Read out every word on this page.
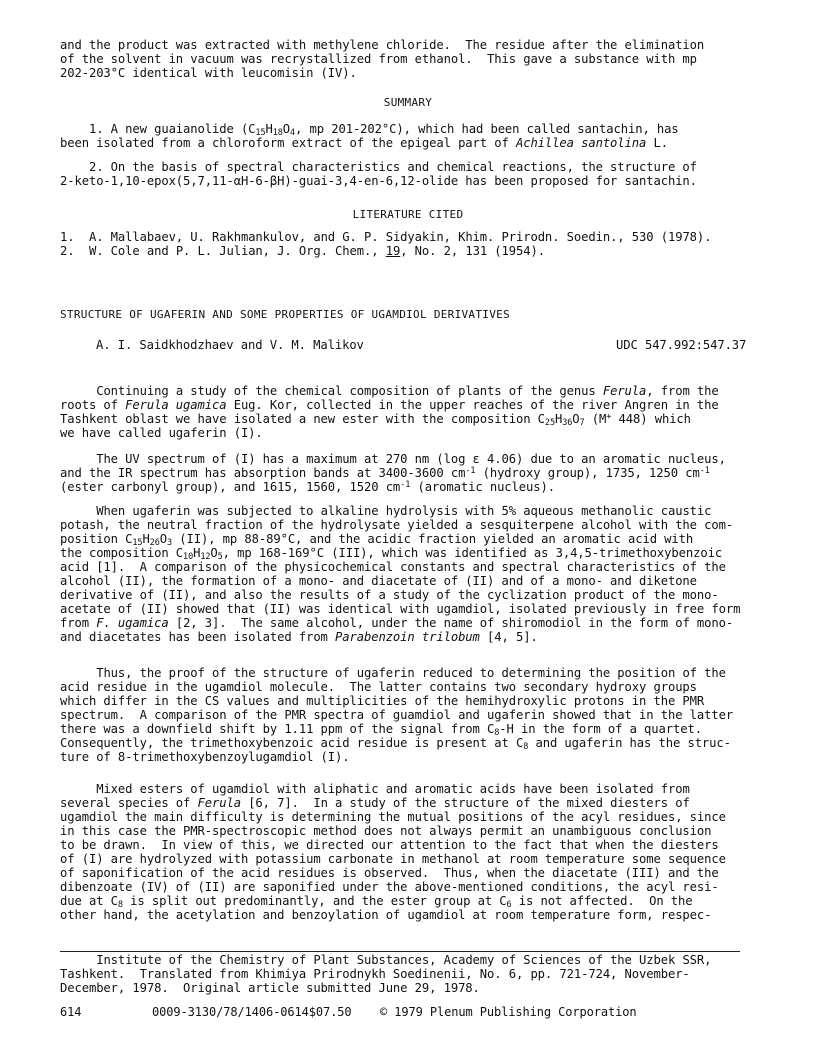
and the product was extracted with methylene chloride.  The residue after the elimination
of the solvent in vacuum was recrystallized from ethanol.  This gave a substance with mp
202-203°C identical with leucomisin (IV).
SUMMARY
1. A new guaianolide ($C_{15}H_{18}O_4$, mp 201-202°C), which had been called santachin, has
been isolated from a chloroform extract of the epigeal part of Achillea santolina L.
2. On the basis of spectral characteristics and chemical reactions, the structure of
2-keto-1,10-epox(5,7,11-αH-6-βH)-guai-3,4-en-6,12-olide has been proposed for santachin.
LITERATURE CITED
1. A. Mallabaev, U. Rakhmankulov, and G. P. Sidyakin, Khim. Prirodn. Soedin., 530 (1978).
2. W. Cole and P. L. Julian, J. Org. Chem., 19, No. 2, 131 (1954).
STRUCTURE OF UGAFERIN AND SOME PROPERTIES OF UGAMDIOL DERIVATIVES
A. I. Saidkhodzhaev and V. M. Malikov	UDC 547.992:547.37
Continuing a study of the chemical composition of plants of the genus Ferula, from the
roots of Ferula ugamica Eug. Kor, collected in the upper reaches of the river Angren in the
Tashkent oblast we have isolated a new ester with the composition $C_{25}H_{36}O_7$ (M+ 448) which
we have called ugaferin (I).
The UV spectrum of (I) has a maximum at 270 nm (log ε 4.06) due to an aromatic nucleus,
and the IR spectrum has absorption bands at 3400-3600 $cm^{-1}$ (hydroxy group), 1735, 1250 $cm^{-1}$
(ester carbonyl group), and 1615, 1560, 1520 $cm^{-1}$ (aromatic nucleus).
When ugaferin was subjected to alkaline hydrolysis with 5% aqueous methanolic caustic
potash, the neutral fraction of the hydrolysate yielded a sesquiterpene alcohol with the com-
position $C_{15}H_{26}O_3$ (II), mp 88-89°C, and the acidic fraction yielded an aromatic acid with
the composition $C_{10}H_{12}O_5$, mp 168-169°C (III), which was identified as 3,4,5-trimethoxybenzoic
acid [1].  A comparison of the physicochemical constants and spectral characteristics of the
alcohol (II), the formation of a mono- and diacetate of (II) and of a mono- and diketone
derivative of (II), and also the results of a study of the cyclization product of the mono-
acetate of (II) showed that (II) was identical with ugamdiol, isolated previously in free form
from F. ugamica [2, 3].  The same alcohol, under the name of shiromodiol in the form of mono-
and diacetates has been isolated from Parabenzoin trilobum [4, 5].
Thus, the proof of the structure of ugaferin reduced to determining the position of the
acid residue in the ugamdiol molecule.  The latter contains two secondary hydroxy groups
which differ in the CS values and multiplicities of the hemihydroxylic protons in the PMR
spectrum.  A comparison of the PMR spectra of guamdiol and ugaferin showed that in the latter
there was a downfield shift by 1.11 ppm of the signal from $C_8-H$ in the form of a quartet.
Consequently, the trimethoxybenzoic acid residue is present at $C_8$ and ugaferin has the struc-
ture of 8-trimethoxybenzoylugamdiol (I).
Mixed esters of ugamdiol with aliphatic and aromatic acids have been isolated from
several species of Ferula [6, 7].  In a study of the structure of the mixed diesters of
ugamdiol the main difficulty is determining the mutual positions of the acyl residues, since
in this case the PMR-spectroscopic method does not always permit an unambiguous conclusion
to be drawn.  In view of this, we directed our attention to the fact that when the diesters
of (I) are hydrolyzed with potassium carbonate in methanol at room temperature some sequence
of saponification of the acid residues is observed.  Thus, when the diacetate (III) and the
dibenzoate (IV) of (II) are saponified under the above-mentioned conditions, the acyl resi-
due at $C_8$ is split out predominantly, and the ester group at $C_6$ is not affected.  On the
other hand, the acetylation and benzoylation of ugamdiol at room temperature form, respec-
Institute of the Chemistry of Plant Substances, Academy of Sciences of the Uzbek SSR,
Tashkent.  Translated from Khimiya Prirodnykh Soedinenii, No. 6, pp. 721-724, November-
December, 1978.  Original article submitted June 29, 1978.
614	0009-3130/78/1406-0614$07.50 © 1979 Plenum Publishing Corporation
